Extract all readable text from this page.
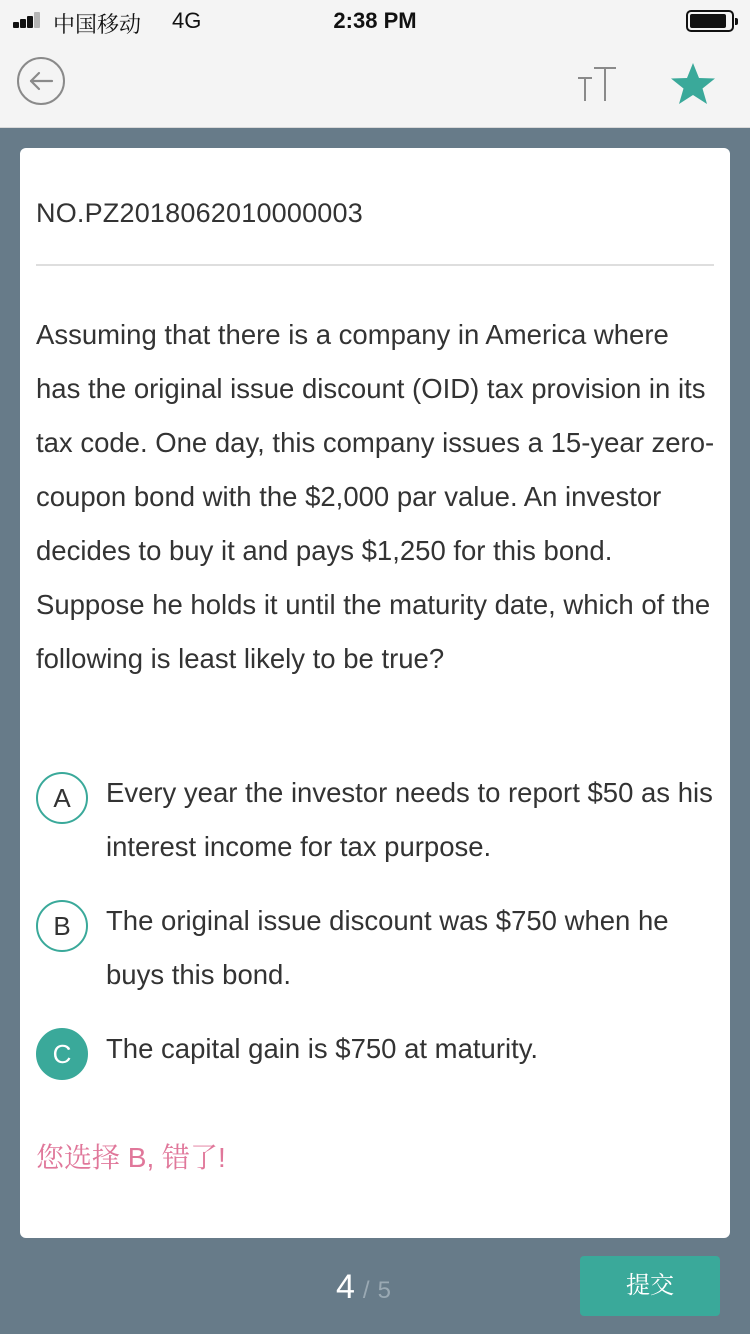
中国移动 4G	2:38 PM
NO.PZ2018062010000003
Assuming that there is a company in America where has the original issue discount (OID) tax provision in its tax code. One day, this company issues a 15-year zero-coupon bond with the $2,000 par value. An investor decides to buy it and pays $1,250 for this bond. Suppose he holds it until the maturity date, which of the following is least likely to be true?
A	Every year the investor needs to report $50 as his interest income for tax purpose.
B	The original issue discount was $750 when he buys this bond.
C	The capital gain is $750 at maturity.
您选择 B, 错了!
4 / 5	提交
